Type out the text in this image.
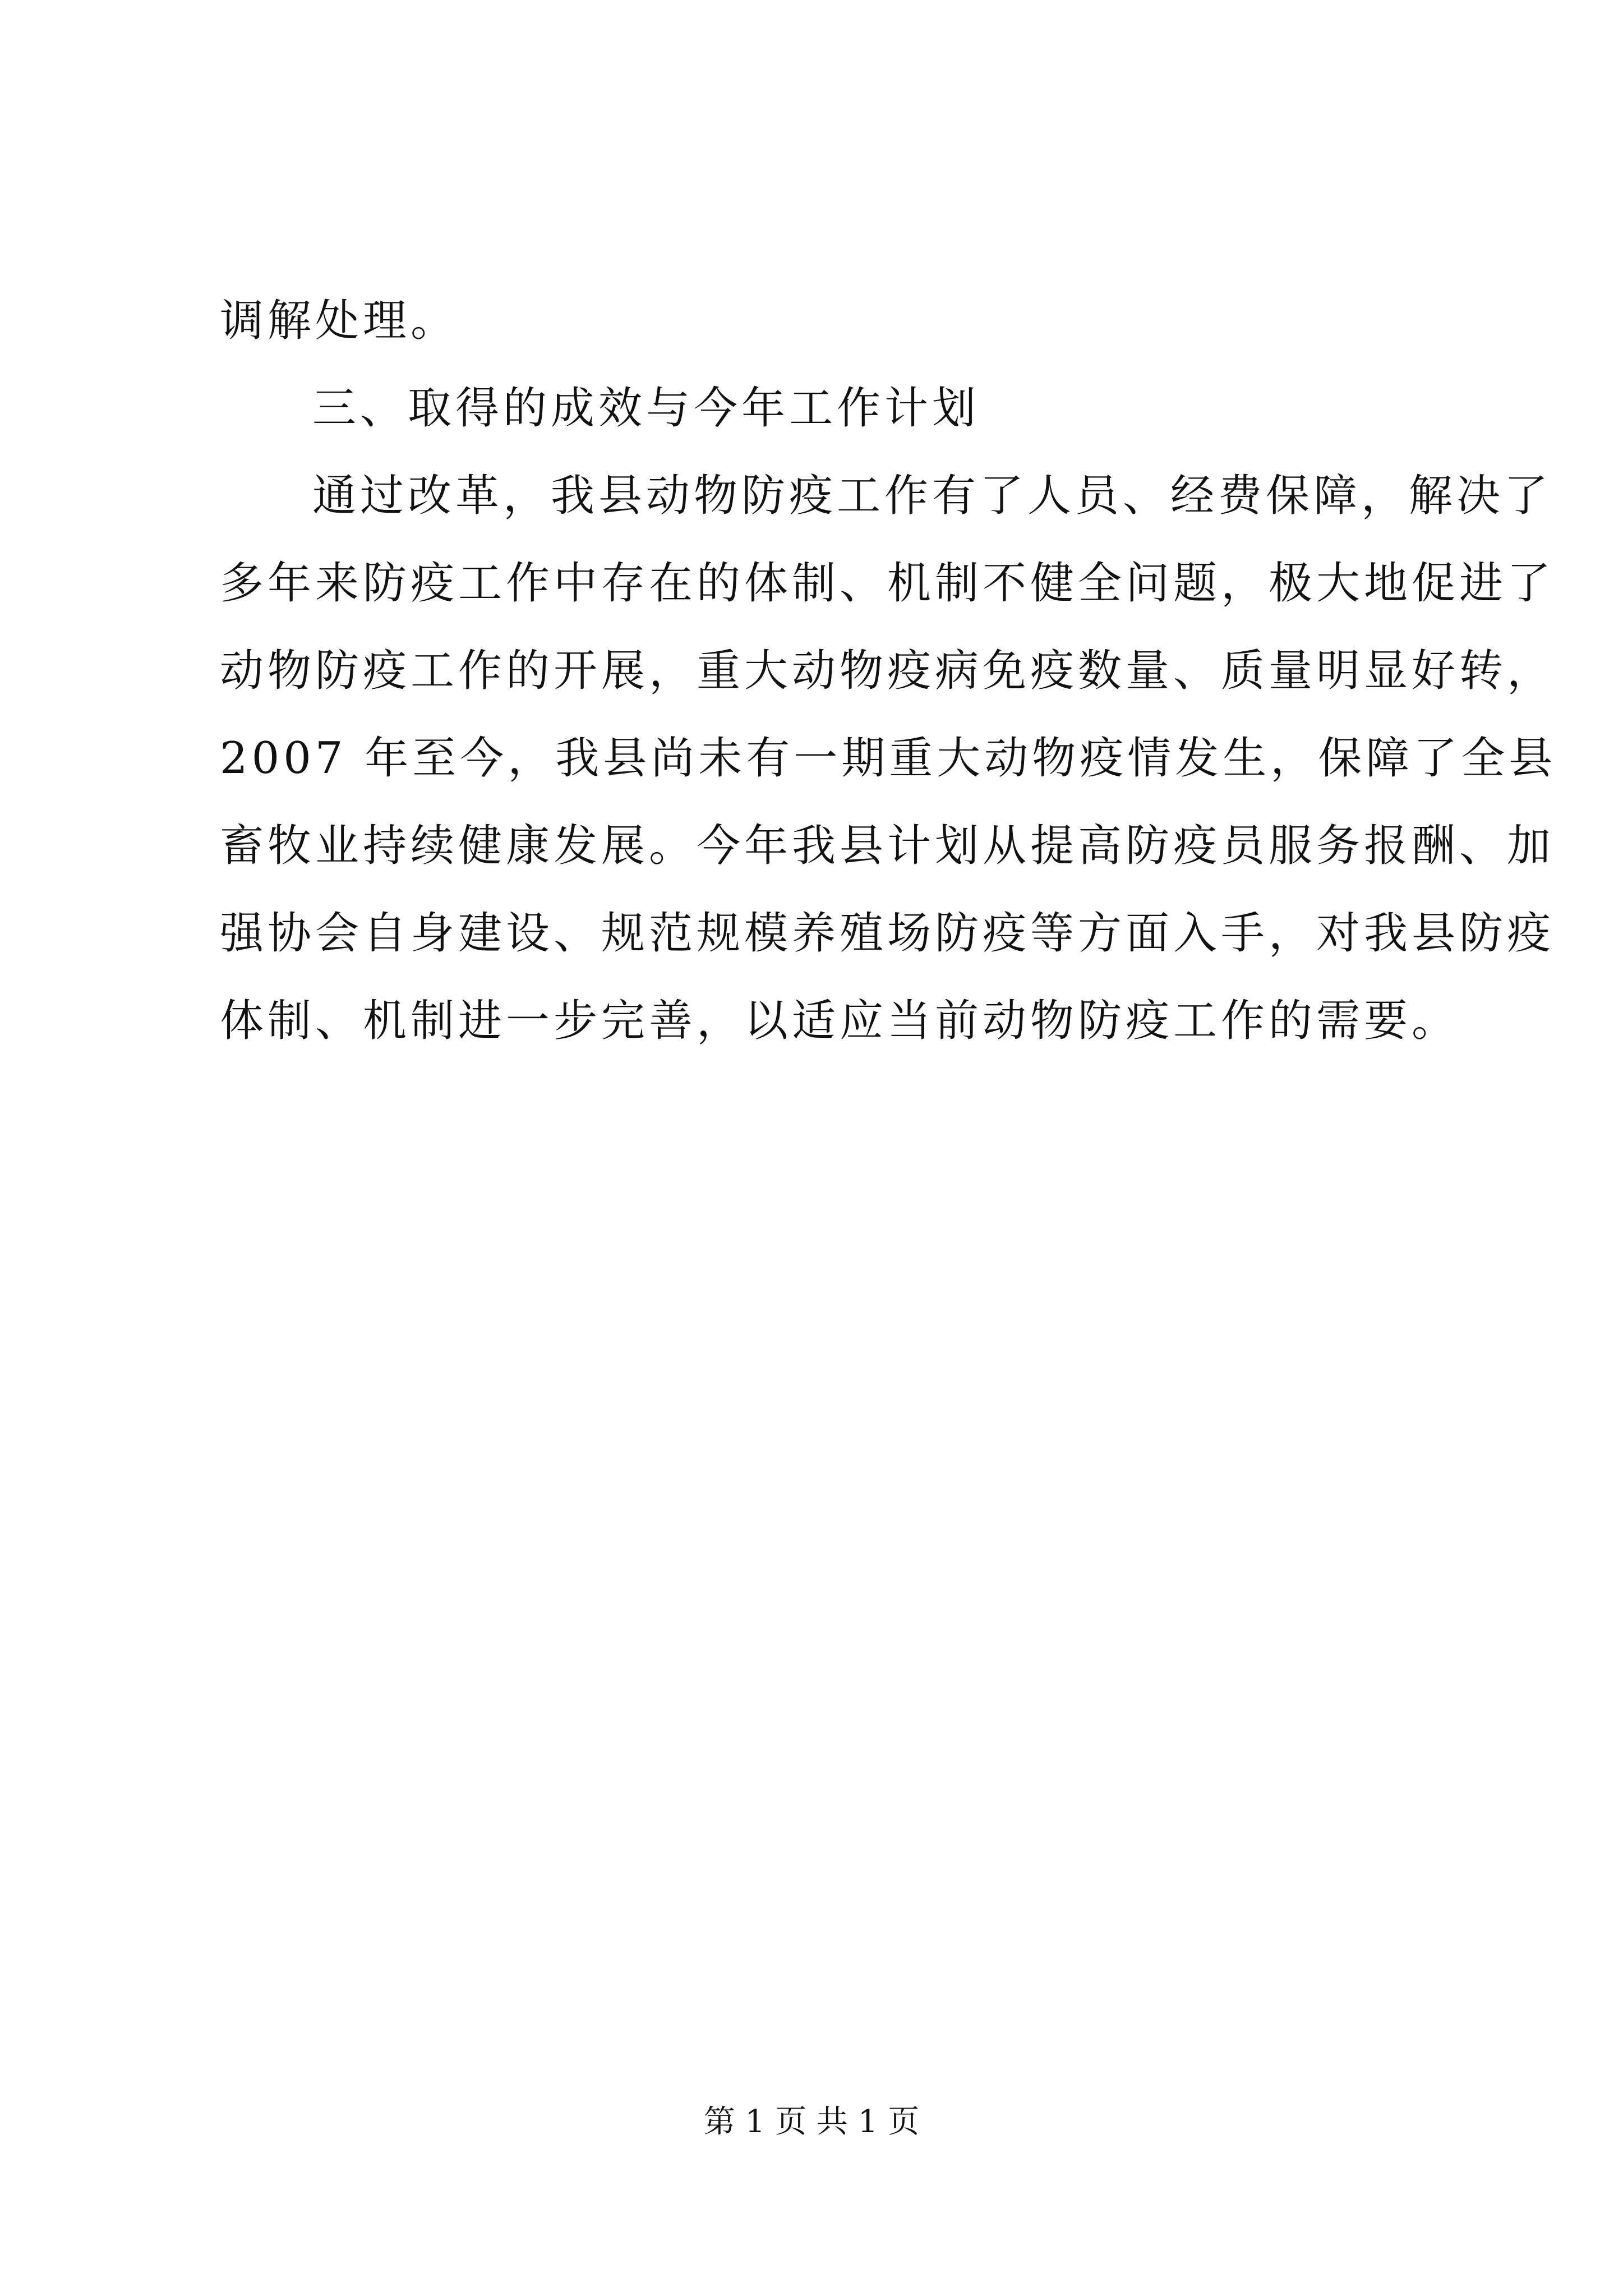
调解处理。
三、取得的成效与今年工作计划
通过改革，我县动物防疫工作有了人员、经费保障，解决了
多年来防疫工作中存在的体制、机制不健全问题，极大地促进了
动物防疫工作的开展，重大动物疫病免疫数量、质量明显好转，
2007 年至今，我县尚未有一期重大动物疫情发生，保障了全县
畜牧业持续健康发展。今年我县计划从提高防疫员服务报酬、加
强协会自身建设、规范规模养殖场防疫等方面入手，对我县防疫
体制、机制进一步完善，以适应当前动物防疫工作的需要。
第 1 页 共 1 页
